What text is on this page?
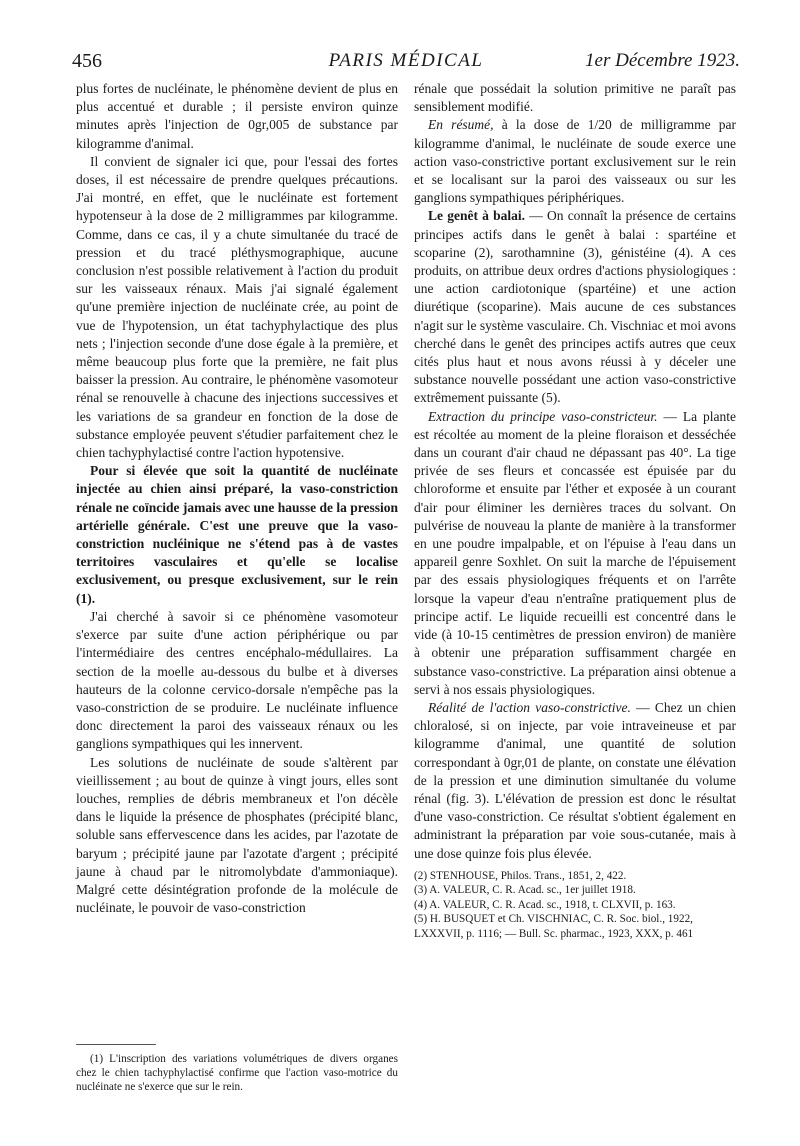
456	PARIS MÉDICAL	1er Décembre 1923.

plus fortes de nucléinate, le phénomène devient de plus en plus accentué et durable ; il persiste environ quinze minutes après l'injection de 0gr,005 de substance par kilogramme d'animal.

Il convient de signaler ici que, pour l'essai des fortes doses, il est nécessaire de prendre quelques précautions. J'ai montré, en effet, que le nucléinate est fortement hypotenseur à la dose de 2 milligrammes par kilogramme. Comme, dans ce cas, il y a chute simultanée du tracé de pression et du tracé pléthysmographique, aucune conclusion n'est possible relativement à l'action du produit sur les vaisseaux rénaux. Mais j'ai signalé également qu'une première injection de nucléinate crée, au point de vue de l'hypotension, un état tachyphylactique des plus nets ; l'injection seconde d'une dose égale à la première, et même beaucoup plus forte que la première, ne fait plus baisser la pression. Au contraire, le phénomène vasomoteur rénal se renouvelle à chacune des injections successives et les variations de sa grandeur en fonction de la dose de substance employée peuvent s'étudier parfaitement chez le chien tachyphylactisé contre l'action hypotensive.

Pour si élevée que soit la quantité de nucléinate injectée au chien ainsi préparé, la vaso-constriction rénale ne coïncide jamais avec une hausse de la pression artérielle générale. C'est une preuve que la vaso-constriction nucléinique ne s'étend pas à de vastes territoires vasculaires et qu'elle se localise exclusivement, ou presque exclusivement, sur le rein (1).

J'ai cherché à savoir si ce phénomène vasomoteur s'exerce par suite d'une action périphérique ou par l'intermédiaire des centres encéphalo-médullaires. La section de la moelle au-dessous du bulbe et à diverses hauteurs de la colonne cervico-dorsale n'empêche pas la vaso-constriction de se produire. Le nucléinate influence donc directement la paroi des vaisseaux rénaux ou les ganglions sympathiques qui les innervent.

Les solutions de nucléinate de soude s'altèrent par vieillissement ; au bout de quinze à vingt jours, elles sont louches, remplies de débris membraneux et l'on décèle dans le liquide la présence de phosphates (précipité blanc, soluble sans effervescence dans les acides, par l'azotate de baryum ; précipité jaune par l'azotate d'argent ; précipité jaune à chaud par le nitromolybdate d'ammoniaque). Malgré cette désintégration profonde de la molécule de nucléinate, le pouvoir de vaso-constriction

(1) L'inscription des variations volumétriques de divers organes chez le chien tachyphylactisé confirme que l'action vaso-motrice du nucléinate ne s'exerce que sur le rein.

rénale que possédait la solution primitive ne paraît pas sensiblement modifié.

En résumé, à la dose de 1/20 de milligramme par kilogramme d'animal, le nucléinate de soude exerce une action vaso-constrictive portant exclusivement sur le rein et se localisant sur la paroi des vaisseaux ou sur les ganglions sympathiques périphériques.

Le genêt à balai. — On connaît la présence de certains principes actifs dans le genêt à balai : spartéine et scoparine (2), sarothamnine (3), génistéine (4). A ces produits, on attribue deux ordres d'actions physiologiques : une action cardiotonique (spartéine) et une action diurétique (scoparine). Mais aucune de ces substances n'agit sur le système vasculaire. Ch. Vischniac et moi avons cherché dans le genêt des principes actifs autres que ceux cités plus haut et nous avons réussi à y déceler une substance nouvelle possédant une action vaso-constrictive extrêmement puissante (5).

Extraction du principe vaso-constricteur. — La plante est récoltée au moment de la pleine floraison et desséchée dans un courant d'air chaud ne dépassant pas 40°. La tige privée de ses fleurs et concassée est épuisée par du chloroforme et ensuite par l'éther et exposée à un courant d'air pour éliminer les dernières traces du solvant. On pulvérise de nouveau la plante de manière à la transformer en une poudre impalpable, et on l'épuise à l'eau dans un appareil genre Soxhlet. On suit la marche de l'épuisement par des essais physiologiques fréquents et on l'arrête lorsque la vapeur d'eau n'entraîne pratiquement plus de principe actif. Le liquide recueilli est concentré dans le vide (à 10-15 centimètres de pression environ) de manière à obtenir une préparation suffisamment chargée en substance vaso-constrictive. La préparation ainsi obtenue a servi à nos essais physiologiques.

Réalité de l'action vaso-constrictive. — Chez un chien chloralosé, si on injecte, par voie intraveineuse et par kilogramme d'animal, une quantité de solution correspondant à 0gr,01 de plante, on constate une élévation de la pression et une diminution simultanée du volume rénal (fig. 3). L'élévation de pression est donc le résultat d'une vaso-constriction. Ce résultat s'obtient également en administrant la préparation par voie sous-cutanée, mais à une dose quinze fois plus élevée.

(2) STENHOUSE, Philos. Trans., 1851, 2, 422.

(3) A. VALEUR, C. R. Acad. sc., 1er juillet 1918.

(4) A. VALEUR, C. R. Acad. sc., 1918, t. CLXVII, p. 163.

(5) H. BUSQUET et Ch. VISCHNIAC, C. R. Soc. biol., 1922, LXXXVII, p. 1116; — Bull. Sc. pharmac., 1923, XXX, p. 461
